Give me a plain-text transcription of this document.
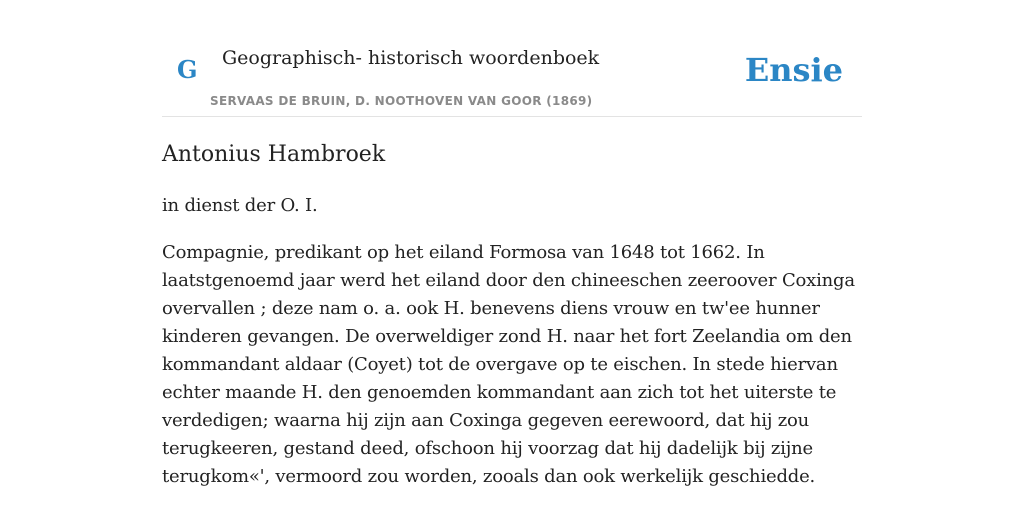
G Geographisch- historisch woordenboek
SERVAAS DE BRUIN, D. NOOTHOVEN VAN GOOR (1869)
Ensie
Antonius Hambroek

in dienst der O. I.

Compagnie, predikant op het eiland Formosa van 1648 tot 1662. In laatstgenoemd jaar werd het eiland door den chineeschen zeeroover Coxinga overvallen ; deze nam o. a. ook H. benevens diens vrouw en tw'ee hunner kinderen gevangen. De overweldiger zond H. naar het fort Zeelandia om den kommandant aldaar (Coyet) tot de overgave op te eischen. In stede hiervan echter maande H. den genoemden kommandant aan zich tot het uiterste te verdedigen; waarna hij zijn aan Coxinga gegeven eerewoord, dat hij zou terugkeeren, gestand deed, ofschoon hij voorzag dat hij dadelijk bij zijne terugkom«', vermoord zou worden, zooals dan ook werkelijk geschiedde.
